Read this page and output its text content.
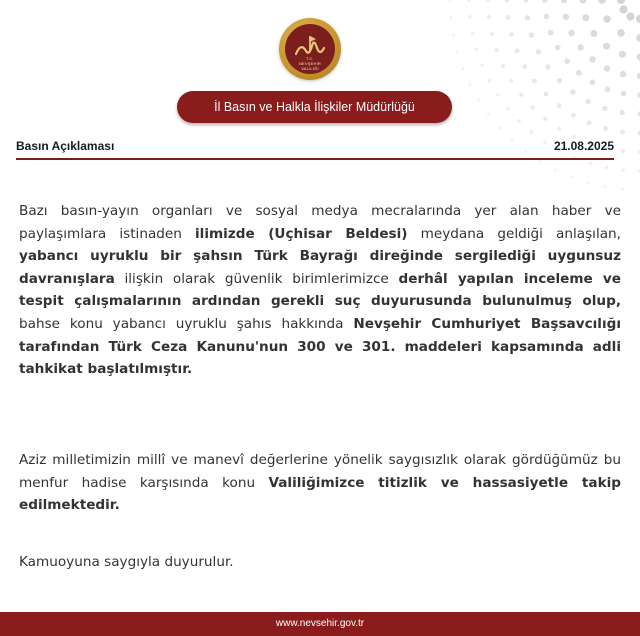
T.C.
NEVŞEHİR
VALİLİĞİ
İl Basın ve Halkla İlişkiler Müdürlüğü
Basın Açıklaması	21.08.2025

Bazı basın-yayın organları ve sosyal medya mecralarında yer alan haber ve paylaşımlara istinaden ilimizde (Uçhisar Beldesi) meydana geldiği anlaşılan, yabancı uyruklu bir şahsın Türk Bayrağı direğinde sergilediği uygunsuz davranışlara ilişkin olarak güvenlik birimlerimizce derhâl yapılan inceleme ve tespit çalışmalarının ardından gerekli suç duyurusunda bulunulmuş olup, bahse konu yabancı uyruklu şahıs hakkında Nevşehir Cumhuriyet Başsavcılığı tarafından Türk Ceza Kanunu'nun 300 ve 301. maddeleri kapsamında adli tahkikat başlatılmıştır.

Aziz milletimizin millî ve manevî değerlerine yönelik saygısızlık olarak gördüğümüz bu menfur hadise karşısında konu Valiliğimizce titizlik ve hassasiyetle takip edilmektedir.

Kamuoyuna saygıyla duyurulur.

www.nevsehir.gov.tr
